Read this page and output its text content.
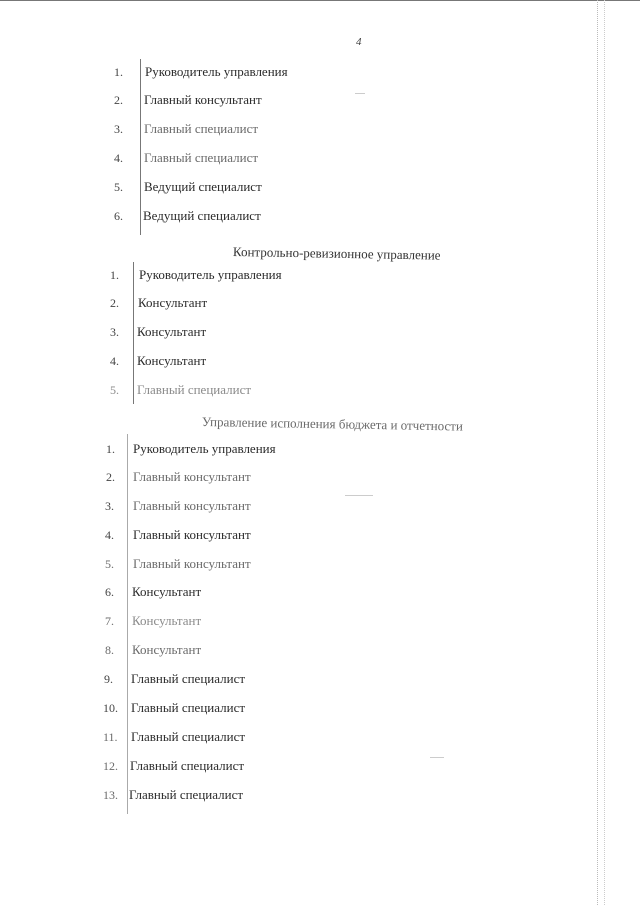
4
1.	Руководитель управления
2.	Главный консультант
3.	Главный специалист
4.	Главный специалист
5.	Ведущий специалист
6.	Ведущий специалист
Контрольно-ревизионное управление
1.	Руководитель управления
2.	Консультант
3.	Консультант
4.	Консультант
5.	Главный специалист
Управление исполнения бюджета и отчетности
1.	Руководитель управления
2.	Главный консультант
3.	Главный консультант
4.	Главный консультант
5.	Главный консультант
6.	Консультант
7.	Консультант
8.	Консультант
9.	Главный специалист
10.	Главный специалист
11.	Главный специалист
12. Главный специалист
13. Главный специалист
